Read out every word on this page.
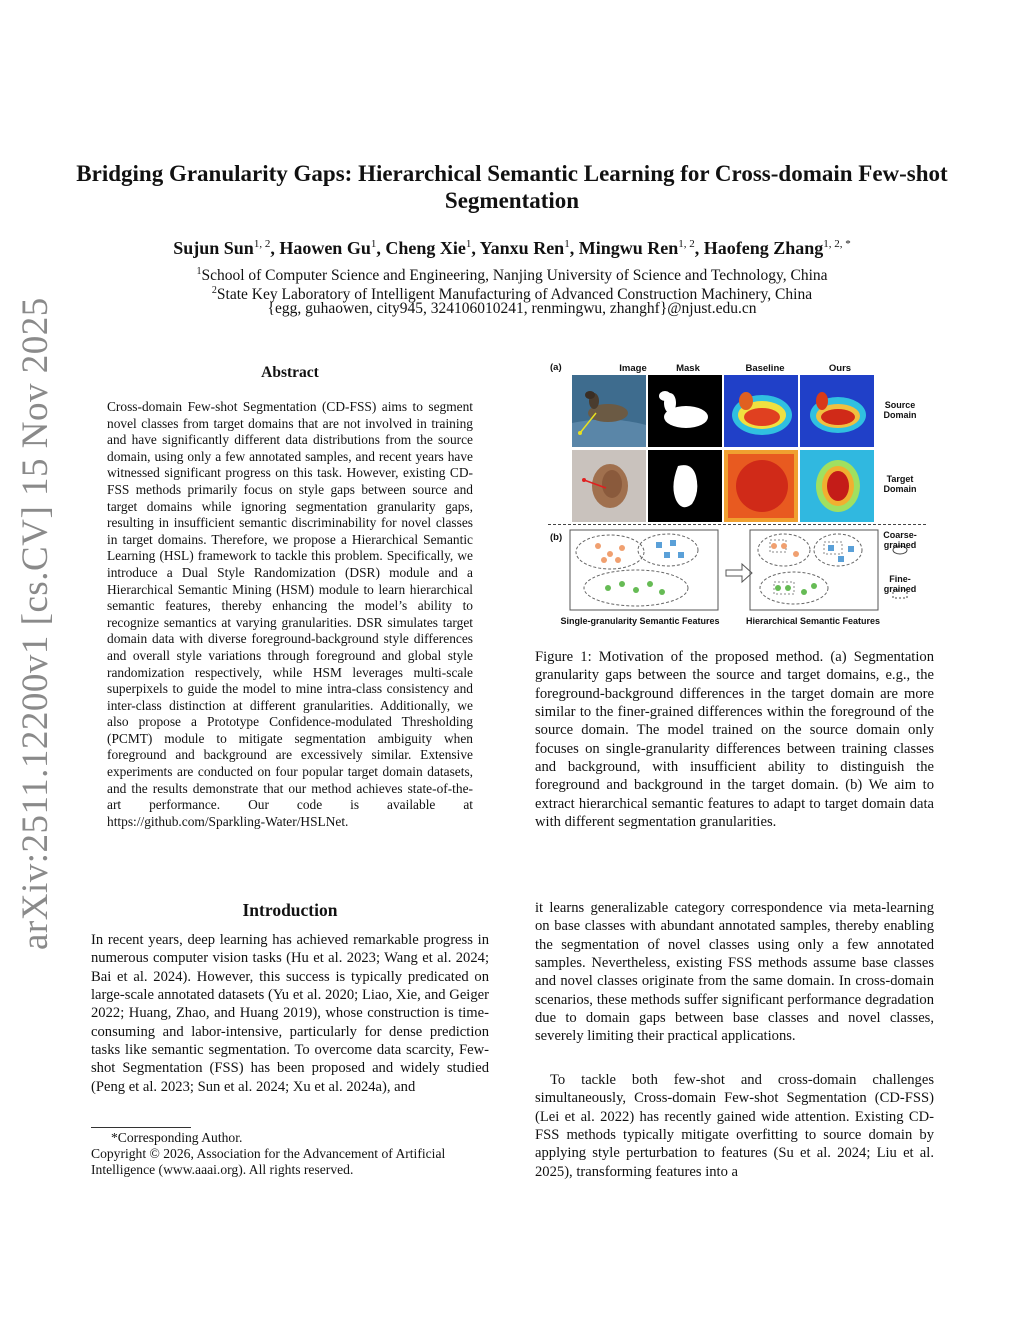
arXiv:2511.12200v1 [cs.CV] 15 Nov 2025
Bridging Granularity Gaps: Hierarchical Semantic Learning for Cross-domain Few-shot Segmentation
Sujun Sun$^{1, 2}$, Haowen Gu$^1$, Cheng Xie$^1$, Yanxu Ren$^1$, Mingwu Ren$^{1, 2}$, Haofeng Zhang$^{1, 2, *}$
$^1$School of Computer Science and Engineering, Nanjing University of Science and Technology, China
$^2$State Key Laboratory of Intelligent Manufacturing of Advanced Construction Machinery, China
{egg, guhaowen, city945, 324106010241, renmingwu, zhanghf}@njust.edu.cn
Abstract
Cross-domain Few-shot Segmentation (CD-FSS) aims to segment novel classes from target domains that are not involved in training and have significantly different data distributions from the source domain, using only a few annotated samples, and recent years have witnessed significant progress on this task. However, existing CD-FSS methods primarily focus on style gaps between source and target domains while ignoring segmentation granularity gaps, resulting in insufficient semantic discriminability for novel classes in target domains. Therefore, we propose a Hierarchical Semantic Learning (HSL) framework to tackle this problem. Specifically, we introduce a Dual Style Randomization (DSR) module and a Hierarchical Semantic Mining (HSM) module to learn hierarchical semantic features, thereby enhancing the model’s ability to recognize semantics at varying granularities. DSR simulates target domain data with diverse foreground-background style differences and overall style variations through foreground and global style randomization respectively, while HSM leverages multi-scale superpixels to guide the model to mine intra-class consistency and inter-class distinction at different granularities. Additionally, we also propose a Prototype Confidence-modulated Thresholding (PCMT) module to mitigate segmentation ambiguity when foreground and background are excessively similar. Extensive experiments are conducted on four popular target domain datasets, and the results demonstrate that our method achieves state-of-the-art performance. Our code is available at https://github.com/Sparkling-Water/HSLNet.
(a)	Image	Mask	Baseline	Ours
Source
Domain
Target
Domain
(b)	Coarse-
grained
Fine-
grained
Single-granularity Semantic Features	Hierarchical Semantic Features
Figure 1: Motivation of the proposed method. (a) Segmentation granularity gaps between the source and target domains, e.g., the foreground-background differences in the target domain are more similar to the finer-grained differences within the foreground of the source domain. The model trained on the source domain only focuses on single-granularity differences between training classes and background, with insufficient ability to distinguish the foreground and background in the target domain. (b) We aim to extract hierarchical semantic features to adapt to target domain data with different segmentation granularities.
Introduction
In recent years, deep learning has achieved remarkable progress in numerous computer vision tasks (Hu et al. 2023; Wang et al. 2024; Bai et al. 2024). However, this success is typically predicated on large-scale annotated datasets (Yu et al. 2020; Liao, Xie, and Geiger 2022; Huang, Zhao, and Huang 2019), whose construction is time-consuming and labor-intensive, particularly for dense prediction tasks like semantic segmentation. To overcome data scarcity, Few-shot Segmentation (FSS) has been proposed and widely studied (Peng et al. 2023; Sun et al. 2024; Xu et al. 2024a), and
*Corresponding Author.
Copyright © 2026, Association for the Advancement of Artificial Intelligence (www.aaai.org). All rights reserved.
it learns generalizable category correspondence via meta-learning on base classes with abundant annotated samples, thereby enabling the segmentation of novel classes using only a few annotated samples. Nevertheless, existing FSS methods assume base classes and novel classes originate from the same domain. In cross-domain scenarios, these methods suffer significant performance degradation due to domain gaps between base classes and novel classes, severely limiting their practical applications.
To tackle both few-shot and cross-domain challenges simultaneously, Cross-domain Few-shot Segmentation (CD-FSS) (Lei et al. 2022) has recently gained wide attention. Existing CD-FSS methods typically mitigate overfitting to source domain by applying style perturbation to features (Su et al. 2024; Liu et al. 2025), transforming features into a
